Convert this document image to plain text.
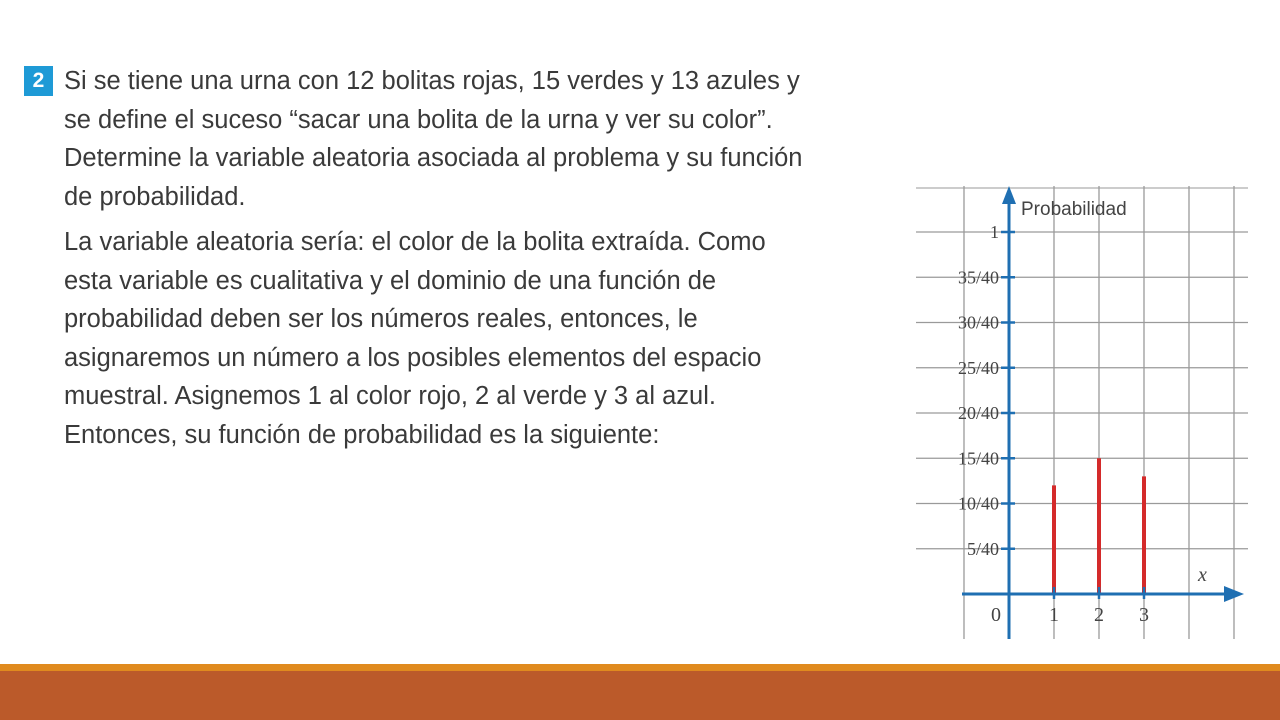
2 Si se tiene una urna con 12 bolitas rojas, 15 verdes y 13 azules y
se define el suceso “sacar una bolita de la urna y ver su color”.
Determine la variable aleatoria asociada al problema y su función
de probabilidad.

La variable aleatoria sería: el color de la bolita extraída. Como
esta variable es cualitativa y el dominio de una función de
probabilidad deben ser los números reales, entonces, le
asignaremos un número a los posibles elementos del espacio
muestral. Asignemos 1 al color rojo, 2 al verde y 3 al azul.
Entonces, su función de probabilidad es la siguiente:

5/40
10/40
15/40
20/40
25/40
30/40
35/40
1
0 1 2 3
Probabilidad
x
